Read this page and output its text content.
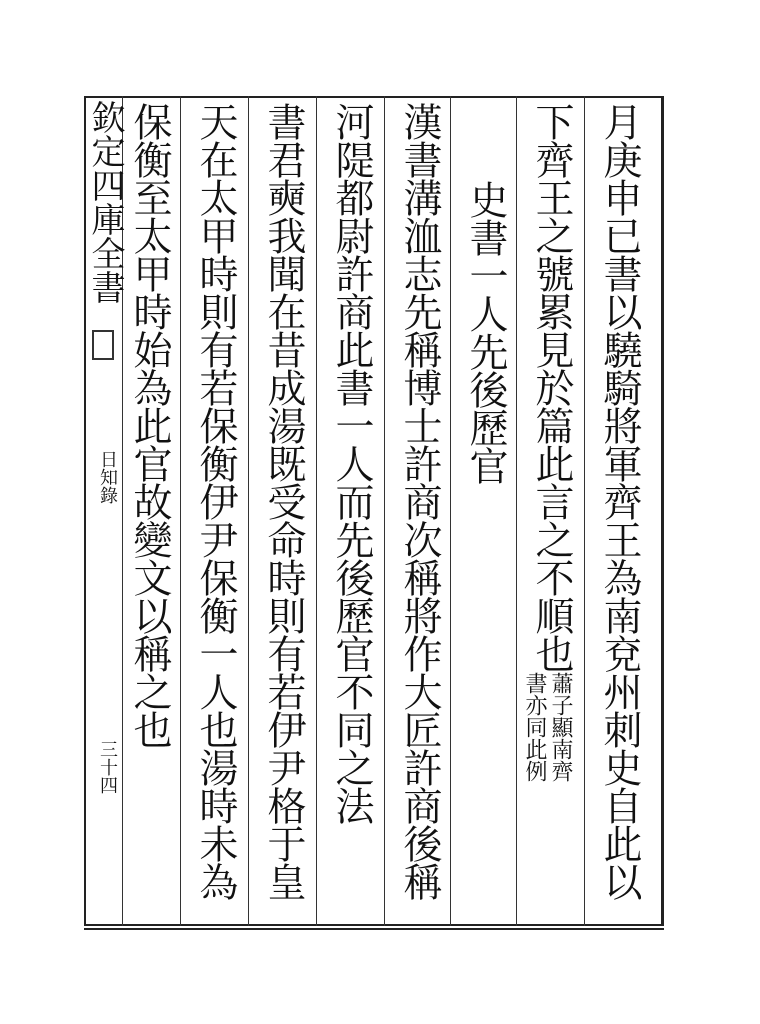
欽定四庫全書
日知錄
三十四	月庚申已書以驍騎將軍齊王為南兗州刺史自此以
下齊王之號累見於篇此言之不順也
史書一人先後歷官
漢書溝洫志先稱博士許商次稱將作大匠許商後稱
河隄都尉許商此書一人而先後歷官不同之法
書君奭我聞在昔成湯既受命時則有若伊尹格于皇
天在太甲時則有若保衡伊尹保衡一人也湯時未為
保衡至太甲時始為此官故變文以稱之也	蕭子顯南齊
書亦同此例
